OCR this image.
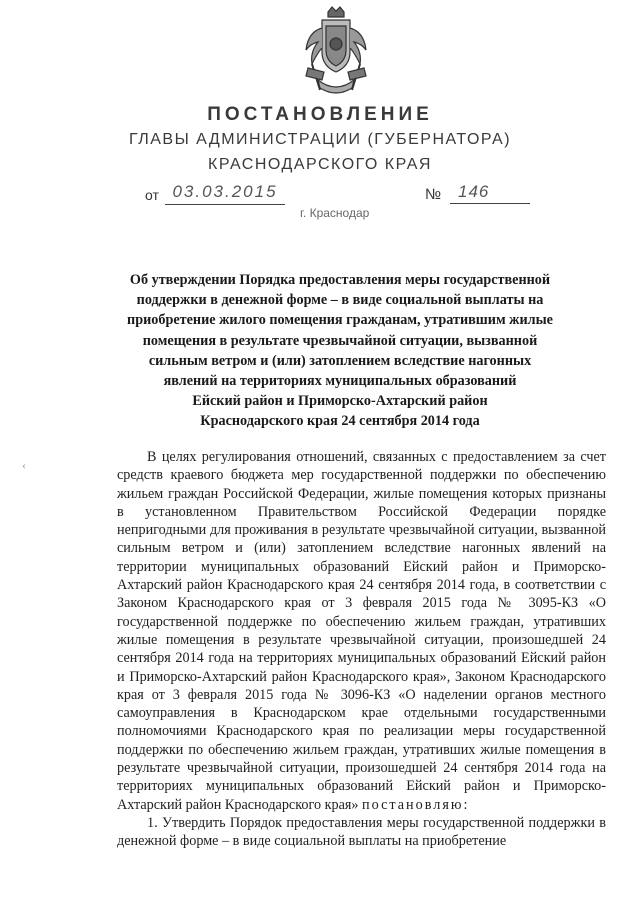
ПОСТАНОВЛЕНИЕ
ГЛАВЫ АДМИНИСТРАЦИИ (ГУБЕРНАТОРА)
КРАСНОДАРСКОГО КРАЯ
от 03.03.2015	№ 146
г. Краснодар
Об утверждении Порядка предоставления меры государственной
поддержки в денежной форме – в виде социальной выплаты на
приобретение жилого помещения гражданам, утратившим жилые
помещения в результате чрезвычайной ситуации, вызванной
сильным ветром и (или) затоплением вследствие нагонных
явлений на территориях муниципальных образований
Ейский район и Приморско-Ахтарский район
Краснодарского края 24 сентября 2014 года
‹	В целях регулирования отношений, связанных с предоставлением за счет средств краевого бюджета мер государственной поддержки по обеспечению жильем граждан Российской Федерации, жилые помещения которых признаны в установленном Правительством Российской Федерации порядке непригодными для проживания в результате чрезвычайной ситуации, вызванной сильным ветром и (или) затоплением вследствие нагонных явлений на территории муниципальных образований Ейский район и Приморско-Ахтарский район Краснодарского края 24 сентября 2014 года, в соответствии с Законом Краснодарского края от 3 февраля 2015 года № 3095-КЗ «О государственной поддержке по обеспечению жильем граждан, утративших жилые помещения в результате чрезвычайной ситуации, произошедшей 24 сентября 2014 года на территориях муниципальных образований Ейский район и Приморско-Ахтарский район Краснодарского края», Законом Краснодарского края от 3 февраля 2015 года № 3096-КЗ «О наделении органов местного самоуправления в Краснодарском крае отдельными государственными полномочиями Краснодарского края по реализации меры государственной поддержки по обеспечению жильем граждан, утративших жилые помещения в результате чрезвычайной ситуации, произошедшей 24 сентября 2014 года на территориях муниципальных образований Ейский район и Приморско-Ахтарский район Краснодарского края» постановляю:

1. Утвердить Порядок предоставления меры государственной поддержки в денежной форме – в виде социальной выплаты на приобретение
